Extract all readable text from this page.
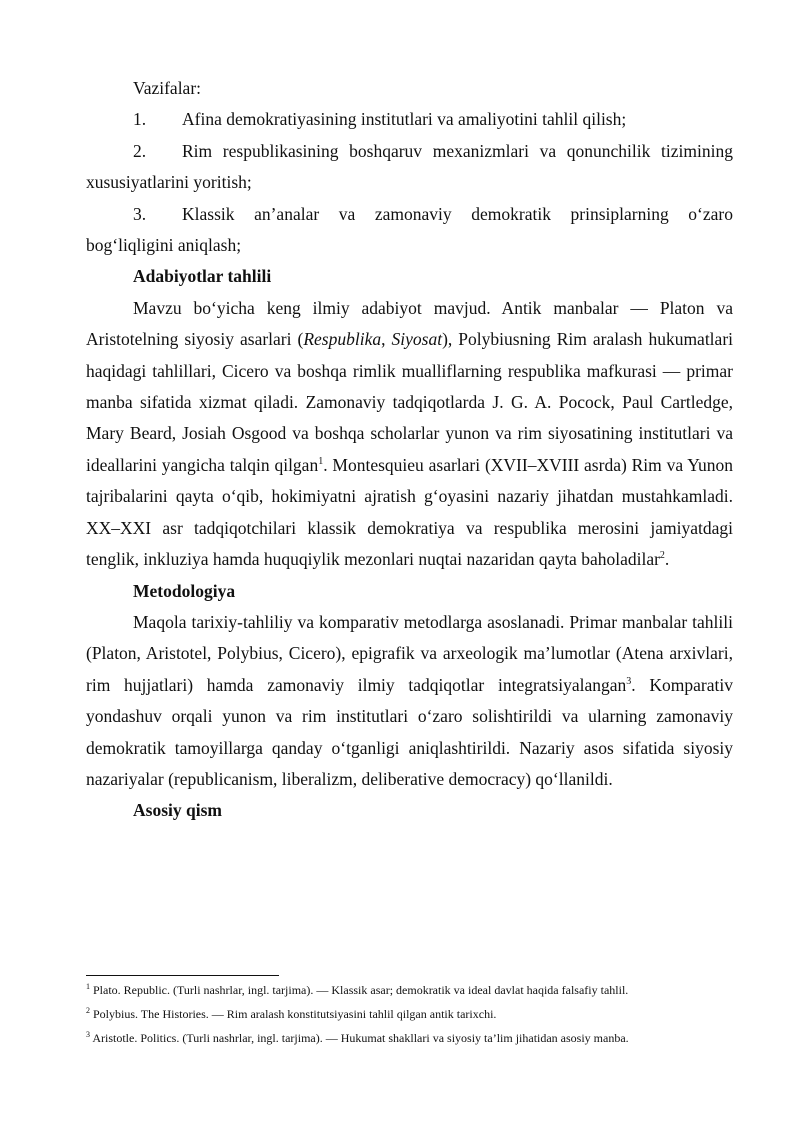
Vazifalar:

1.	Afina demokratiyasining institutlari va amaliyotini tahlil qilish;

2. Rim respublikasining boshqaruv mexanizmlari va qonunchilik tizimining xususiyatlarini yoritish;

3. Klassik an’analar va zamonaviy demokratik prinsiplarning o‘zaro bog‘liqligini aniqlash;

Adabiyotlar tahlili

Mavzu bo‘yicha keng ilmiy adabiyot mavjud. Antik manbalar — Platon va Aristotelning siyosiy asarlari (Respublika, Siyosat), Polybiusning Rim aralash hukumatlari haqidagi tahlillari, Cicero va boshqa rimlik mualliflarning respublika mafkurasi — primar manba sifatida xizmat qiladi. Zamonaviy tadqiqotlarda J. G. A. Pocock, Paul Cartledge, Mary Beard, Josiah Osgood va boshqa scholarlar yunon va rim siyosatining institutlari va ideallarini yangicha talqin qilgan$^1$. Montesquieu asarlari (XVII–XVIII asrda) Rim va Yunon tajribalarini qayta o‘qib, hokimiyatni ajratish g‘oyasini nazariy jihatdan mustahkamladi. XX–XXI asr tadqiqotchilari klassik demokratiya va respublika merosini jamiyatdagi tenglik, inkluziya hamda huquqiylik mezonlari nuqtai nazaridan qayta baholadilar$^2$.

Metodologiya

Maqola tarixiy-tahliliy va komparativ metodlarga asoslanadi. Primar manbalar tahlili (Platon, Aristotel, Polybius, Cicero), epigrafik va arxeologik ma’lumotlar (Atena arxivlari, rim hujjatlari) hamda zamonaviy ilmiy tadqiqotlar integratsiyalangan$^3$. Komparativ yondashuv orqali yunon va rim institutlari o‘zaro solishtirildi va ularning zamonaviy demokratik tamoyillarga qanday o‘tganligi aniqlashtirildi. Nazariy asos sifatida siyosiy nazariyalar (republicanism, liberalizm, deliberative democracy) qo‘llanildi.

Asosiy qism

$^1$ Plato. Republic. (Turli nashrlar, ingl. tarjima). — Klassik asar; demokratik va ideal davlat haqida falsafiy tahlil.

$^2$ Polybius. The Histories. — Rim aralash konstitutsiyasini tahlil qilgan antik tarixchi.

$^3$ Aristotle. Politics. (Turli nashrlar, ingl. tarjima). — Hukumat shakllari va siyosiy ta’lim jihatidan asosiy manba.
